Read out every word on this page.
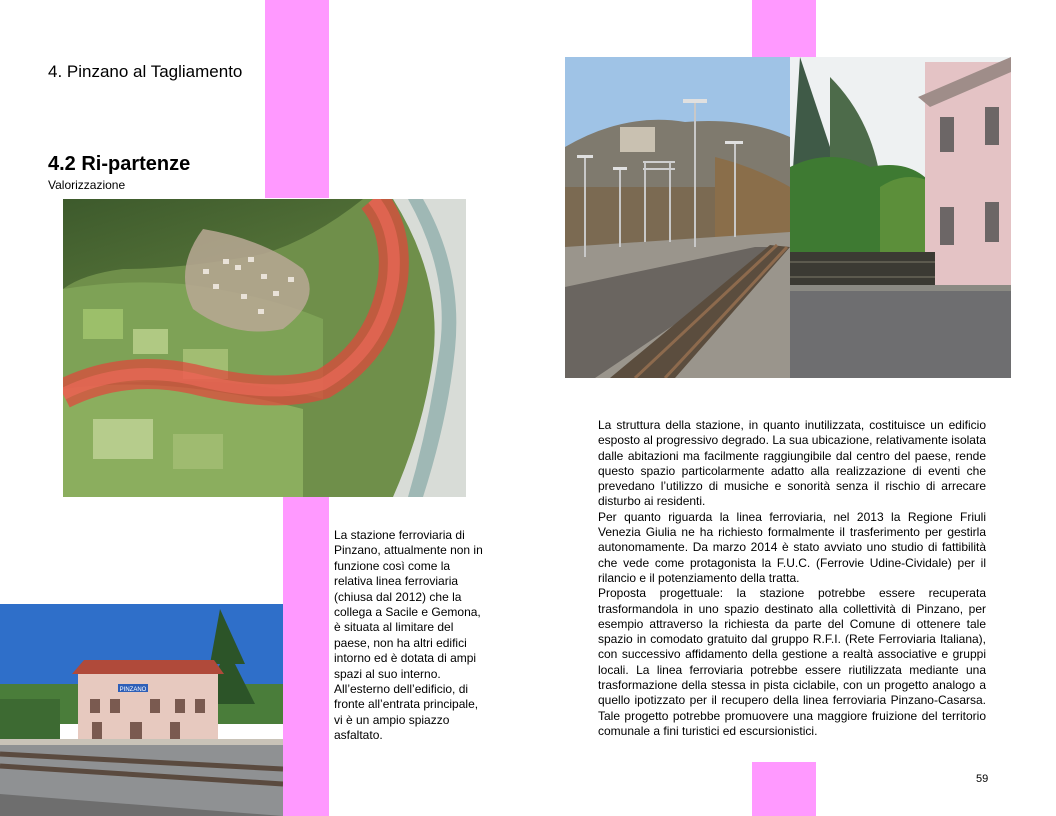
4. Pinzano al Tagliamento
4.2 Ri-partenze
Valorizzazione
PINZANO
La stazione ferroviaria di Pinzano, attualmente non in funzione così come la relativa linea ferroviaria (chiusa dal 2012) che la collega a Sacile e Gemona, è situata al limitare del paese, non ha altri edifici intorno ed è dotata di ampi spazi al suo interno. All’esterno dell’edificio, di fronte all’entrata principale, vi è un ampio spiazzo asfaltato.

La struttura della stazione, in quanto inutilizzata, costituisce un edificio esposto al progressivo degrado. La sua ubicazione, relativamente isolata dalle abitazioni ma facilmente raggiungibile dal centro del paese, rende questo spazio particolarmente adatto alla realizzazione di eventi che prevedano l’utilizzo di musiche e sonorità senza il rischio di arrecare disturbo ai residenti.

Per quanto riguarda la linea ferroviaria, nel 2013 la Regione Friuli Venezia Giulia ne ha richiesto formalmente il trasferimento per gestirla autonomamente. Da marzo 2014 è stato avviato uno studio di fattibilità che vede come protagonista la F.U.C. (Ferrovie Udine-Cividale) per il rilancio e il potenziamento della tratta.

Proposta progettuale: la stazione potrebbe essere recuperata trasformandola in uno spazio destinato alla collettività di Pinzano, per esempio attraverso la richiesta da parte del Comune di ottenere tale spazio in comodato gratuito dal gruppo R.F.I. (Rete Ferroviaria Italiana), con successivo affidamento della gestione a realtà associative e gruppi locali. La linea ferroviaria potrebbe essere riutilizzata mediante una trasformazione della stessa in pista ciclabile, con un progetto analogo a quello ipotizzato per il recupero della linea ferroviaria Pinzano-Casarsa. Tale progetto potrebbe promuovere una maggiore fruizione del territorio comunale a fini turistici ed escursionistici.

59
